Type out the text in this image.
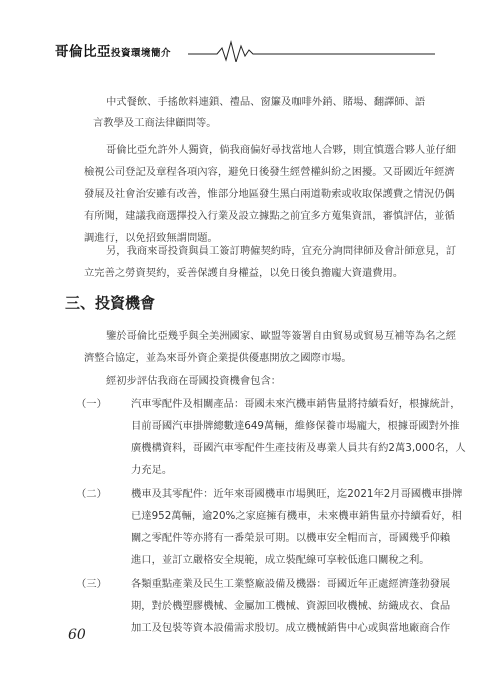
哥倫比亞投資環境簡介
中式餐飲、手搖飲料連鎖、禮品、窗簾及咖啡外銷、賭場、翻譯師、語
言教學及工商法律顧問等。
哥倫比亞允許外人獨資，倘我商偏好尋找當地人合夥，則宜慎選合夥人並仔細
檢視公司登記及章程各項內容，避免日後發生經營權糾紛之困擾。又哥國近年經濟
發展及社會治安雖有改善，惟部分地區發生黑白兩道勒索或收取保護費之情況仍偶
有所聞，建議我商選擇投入行業及設立據點之前宜多方蒐集資訊，審慎評估，並循
調進行，以免招致無謂問題。
另，我商來哥投資與員工簽訂聘僱契約時，宜充分詢問律師及會計師意見，訂
立完善之勞資契約，妥善保護自身權益，以免日後負擔龐大資遣費用。
三、投資機會
鑒於哥倫比亞幾乎與全美洲國家、歐盟等簽署自由貿易或貿易互補等為名之經
濟整合協定，並為來哥外資企業提供優惠開放之國際市場。
經初步評估我商在哥國投資機會包含：
（一） 汽車零配件及相關產品：哥國未來汽機車銷售量將持續看好，根據統計，
目前哥國汽車掛牌總數達649萬輛，維修保養市場龐大，根據哥國對外推
廣機構資料，哥國汽車零配件生產技術及專業人員共有約2萬3,000名，人
力充足。
（二） 機車及其零配件：近年來哥國機車市場興旺，迄2021年2月哥國機車掛牌
已達952萬輛，逾20%之家庭擁有機車，未來機車銷售量亦持續看好，相
關之零配件等亦將有一番榮景可期。以機車安全帽而言，哥國幾乎仰賴
進口，並訂立嚴格安全規範，成立裝配線可享較低進口關稅之利。
（三） 各類重點產業及民生工業整廠設備及機器：哥國近年正處經濟蓬勃發展
期，對於機塑膠機械、金屬加工機械、資源回收機械、紡織成衣、食品
加工及包裝等資本設備需求殷切。成立機械銷售中心或與當地廠商合作
60
